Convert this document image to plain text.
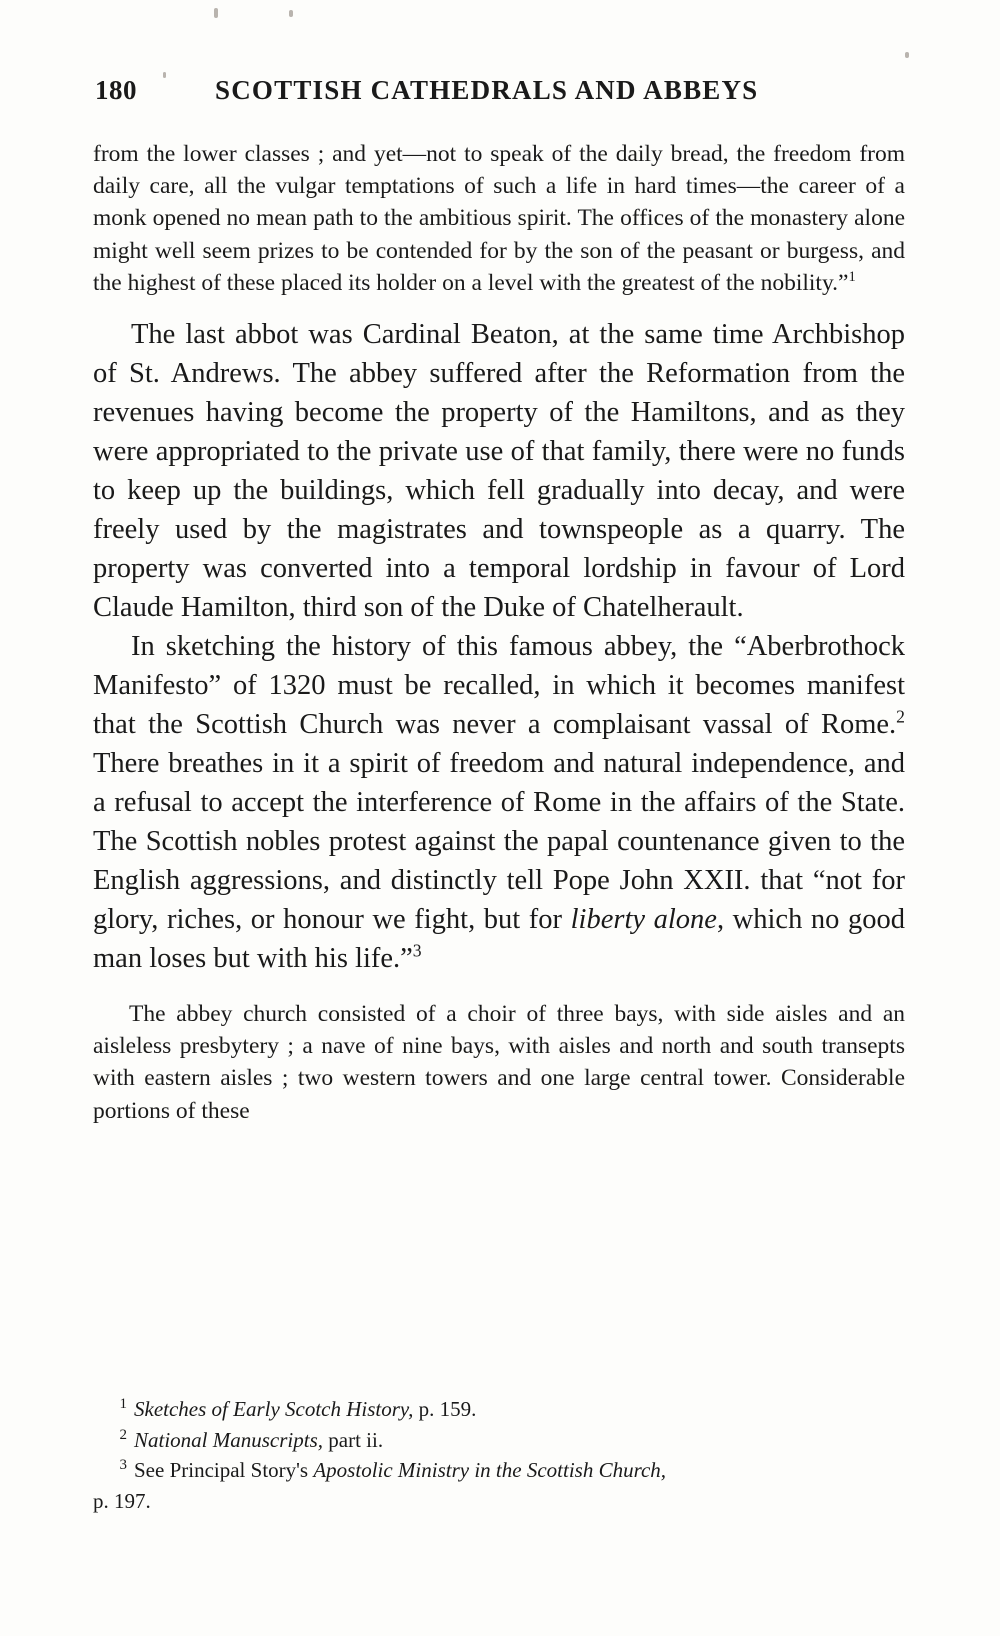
180	SCOTTISH CATHEDRALS AND ABBEYS

from the lower classes ; and yet—not to speak of the daily bread, the freedom from daily care, all the vulgar temptations of such a life in hard times—the career of a monk opened no mean path to the ambitious spirit. The offices of the monastery alone might well seem prizes to be contended for by the son of the peasant or burgess, and the highest of these placed its holder on a level with the greatest of the nobility.”$^1$

The last abbot was Cardinal Beaton, at the same time Archbishop of St. Andrews. The abbey suffered after the Reformation from the revenues having become the property of the Hamiltons, and as they were appropriated to the private use of that family, there were no funds to keep up the buildings, which fell gradually into decay, and were freely used by the magistrates and townspeople as a quarry. The property was converted into a temporal lordship in favour of Lord Claude Hamilton, third son of the Duke of Chatelherault.

In sketching the history of this famous abbey, the “Aberbrothock Manifesto” of 1320 must be recalled, in which it becomes manifest that the Scottish Church was never a complaisant vassal of Rome.$^2$ There breathes in it a spirit of freedom and natural independence, and a refusal to accept the interference of Rome in the affairs of the State. The Scottish nobles protest against the papal countenance given to the English aggressions, and distinctly tell Pope John XXII. that “not for glory, riches, or honour we fight, but for liberty alone, which no good man loses but with his life.”$^3$

The abbey church consisted of a choir of three bays, with side aisles and an aisleless presbytery ; a nave of nine bays, with aisles and north and south transepts with eastern aisles ; two western towers and one large central tower. Considerable portions of these

1 Sketches of Early Scotch History, p. 159.

2 National Manuscripts, part ii.

3 See Principal Story's Apostolic Ministry in the Scottish Church,

p. 197.
